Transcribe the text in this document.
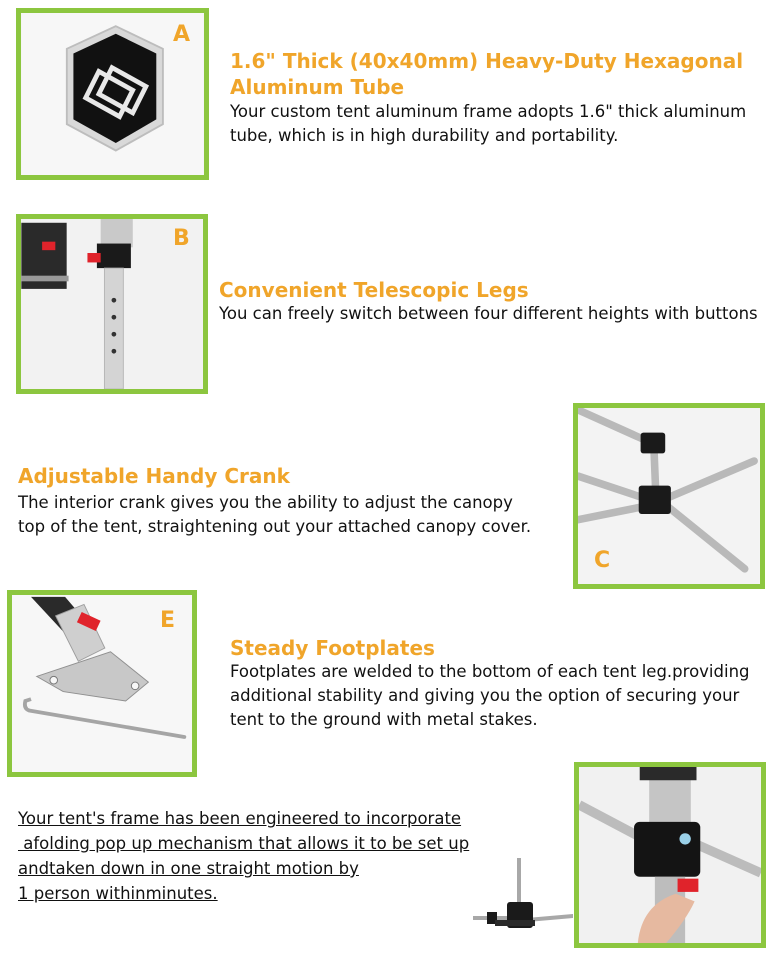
A
1.6" Thick (40x40mm) Heavy-Duty Hexagonal
Aluminum Tube
Your custom tent aluminum frame adopts 1.6" thick aluminum
tube, which is in high durability and portability.
B
Convenient Telescopic Legs
You can freely switch between four different heights with buttons
Adjustable Handy Crank
The interior crank gives you the ability to adjust the canopy
top of the tent, straightening out your attached canopy cover.
C
E
Steady Footplates
Footplates are welded to the bottom of each tent leg.providing
additional stability and giving you the option of securing your
tent to the ground with metal stakes.
Your tent's frame has been engineered to incorporate
afolding pop up mechanism that allows it to be set up
andtaken down in one straight motion by
1 person withinminutes.
